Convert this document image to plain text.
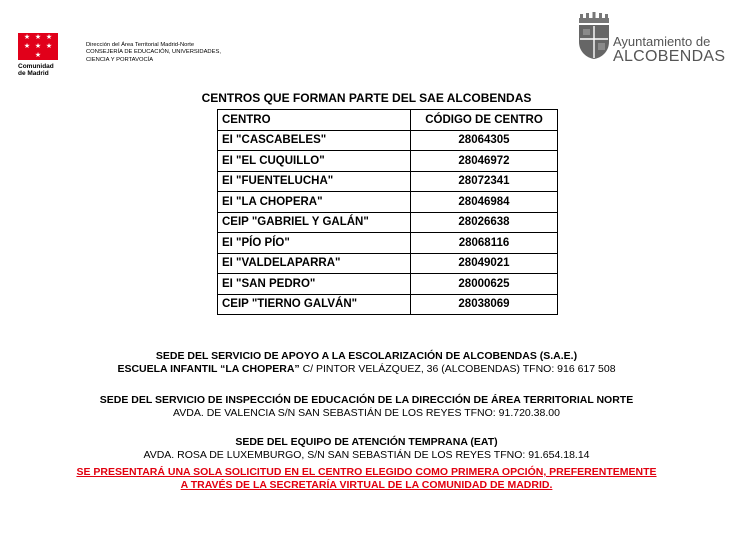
★ ★ ★
★ ★ ★
★
Comunidad
de Madrid
Dirección del Área Territorial Madrid-Norte
CONSEJERÍA DE EDUCACIÓN, UNIVERSIDADES,
CIENCIA Y PORTAVOCÍA
Ayuntamiento de
ALCOBENDAS
CENTROS QUE FORMAN PARTE DEL SAE ALCOBENDAS
CENTRO	CÓDIGO DE CENTRO
EI "CASCABELES"	28064305
EI "EL CUQUILLO"	28046972
EI "FUENTELUCHA"	28072341
EI "LA CHOPERA"	28046984
CEIP "GABRIEL Y GALÁN"	28026638
EI "PÍO PÍO"	28068116
EI "VALDELAPARRA"	28049021
EI "SAN PEDRO"	28000625
CEIP "TIERNO GALVÁN"	28038069
SEDE DEL SERVICIO DE APOYO A LA ESCOLARIZACIÓN DE ALCOBENDAS (S.A.E.)
ESCUELA INFANTIL “LA CHOPERA” C/ PINTOR VELÁZQUEZ, 36 (ALCOBENDAS) TFNO: 916 617 508
SEDE DEL SERVICIO DE INSPECCIÓN DE EDUCACIÓN DE LA DIRECCIÓN DE ÁREA TERRITORIAL NORTE
AVDA. DE VALENCIA S/N SAN SEBASTIÁN DE LOS REYES TFNO: 91.720.38.00
SEDE DEL EQUIPO DE ATENCIÓN TEMPRANA (EAT)
AVDA. ROSA DE LUXEMBURGO, S/N SAN SEBASTIÁN DE LOS REYES TFNO: 91.654.18.14
SE PRESENTARÁ UNA SOLA SOLICITUD EN EL CENTRO ELEGIDO COMO PRIMERA OPCIÓN, PREFERENTEMENTE
A TRAVÉS DE LA SECRETARÍA VIRTUAL DE LA COMUNIDAD DE MADRID.
